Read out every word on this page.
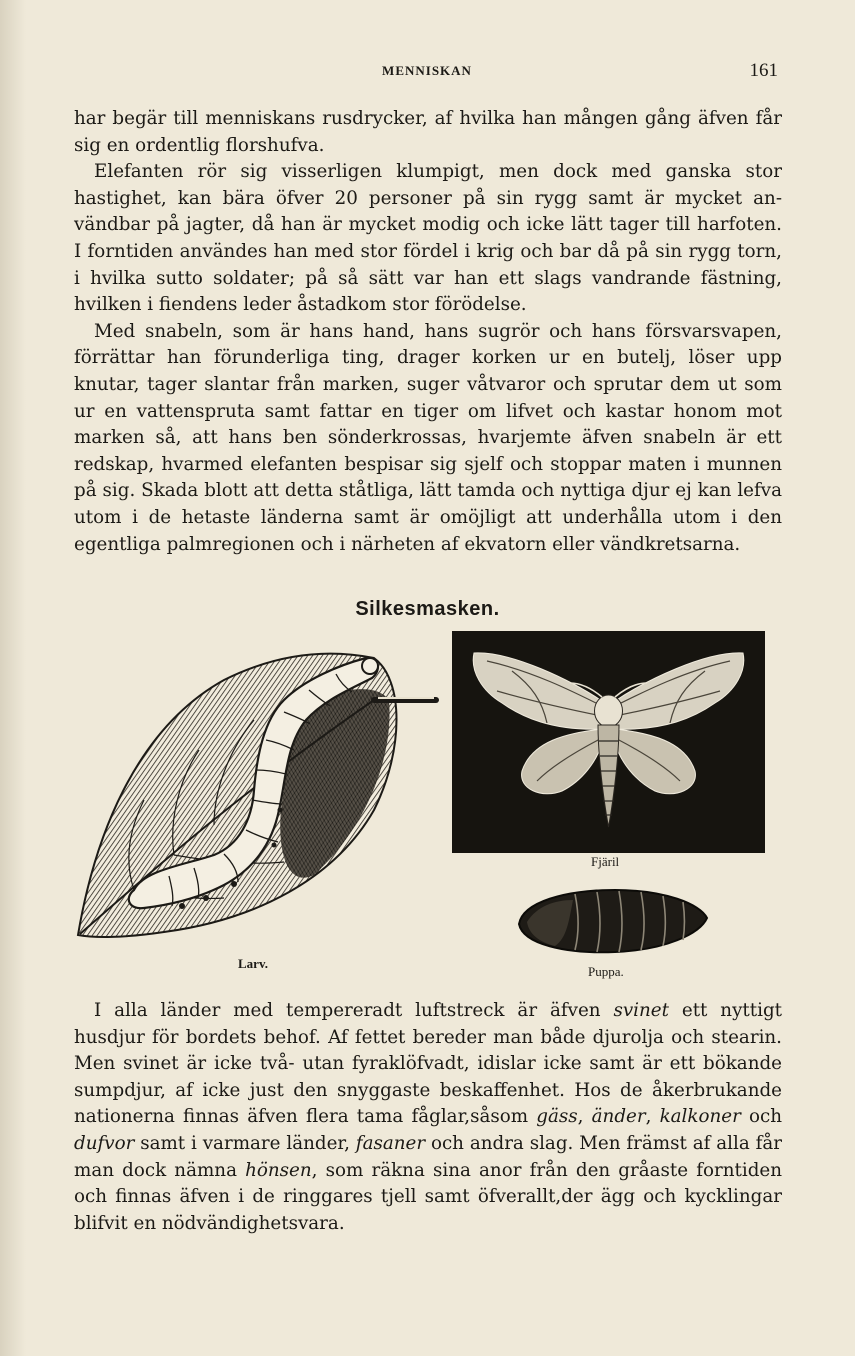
MENNISKAN	161

har begär till menniskans rusdrycker, af hvilka han mången gång äfven får sig en ordentlig florshufva.

Elefanten rör sig visserligen klumpigt, men dock med ganska stor hastighet, kan bära öfver 20 personer på sin rygg samt är mycket användbar på jagter, då han är mycket modig och icke lätt tager till harfoten. I forntiden användes han med stor fördel i krig och bar då på sin rygg torn, i hvilka sutto soldater; på så sätt var han ett slags vandrande fästning, hvilken i fiendens leder åstadkom stor förödelse.

Med snabeln, som är hans hand, hans sugrör och hans försvarsvapen, förrättar han förunderliga ting, drager korken ur en butelj, löser upp knutar, tager slantar från marken, suger våtvaror och sprutar dem ut som ur en vattenspruta samt fattar en tiger om lifvet och kastar honom mot marken så, att hans ben sönderkrossas, hvarjemte äfven snabeln är ett redskap, hvarmed elefanten bespisar sig sjelf och stoppar maten i munnen på sig. Skada blott att detta ståtliga, lätt tamda och nyttiga djur ej kan lefva utom i de hetaste länderna samt är omöjligt att underhålla utom i den egentliga palmregionen och i närheten af ekvatorn eller vändkretsarna.

Silkesmasken.
Larv.
Fjäril
Puppa.

I alla länder med tempereradt luftstreck är äfven svinet ett nyttigt husdjur för bordets behof. Af fettet bereder man både djurolja och stearin. Men svinet är icke två- utan fyraklöfvadt, idislar icke samt är ett bökande sumpdjur, af icke just den snyggaste beskaffenhet. Hos de åkerbrukande nationerna finnas äfven flera tama fåglar,såsom gäss, änder, kalkoner och dufvor samt i varmare länder, fasaner och andra slag. Men främst af alla får man dock nämna hönsen, som räkna sina anor från den gråaste forntiden och finnas äfven i de ringgares tjell samt öfverallt,der ägg och kycklingar blifvit en nödvändighetsvara.
